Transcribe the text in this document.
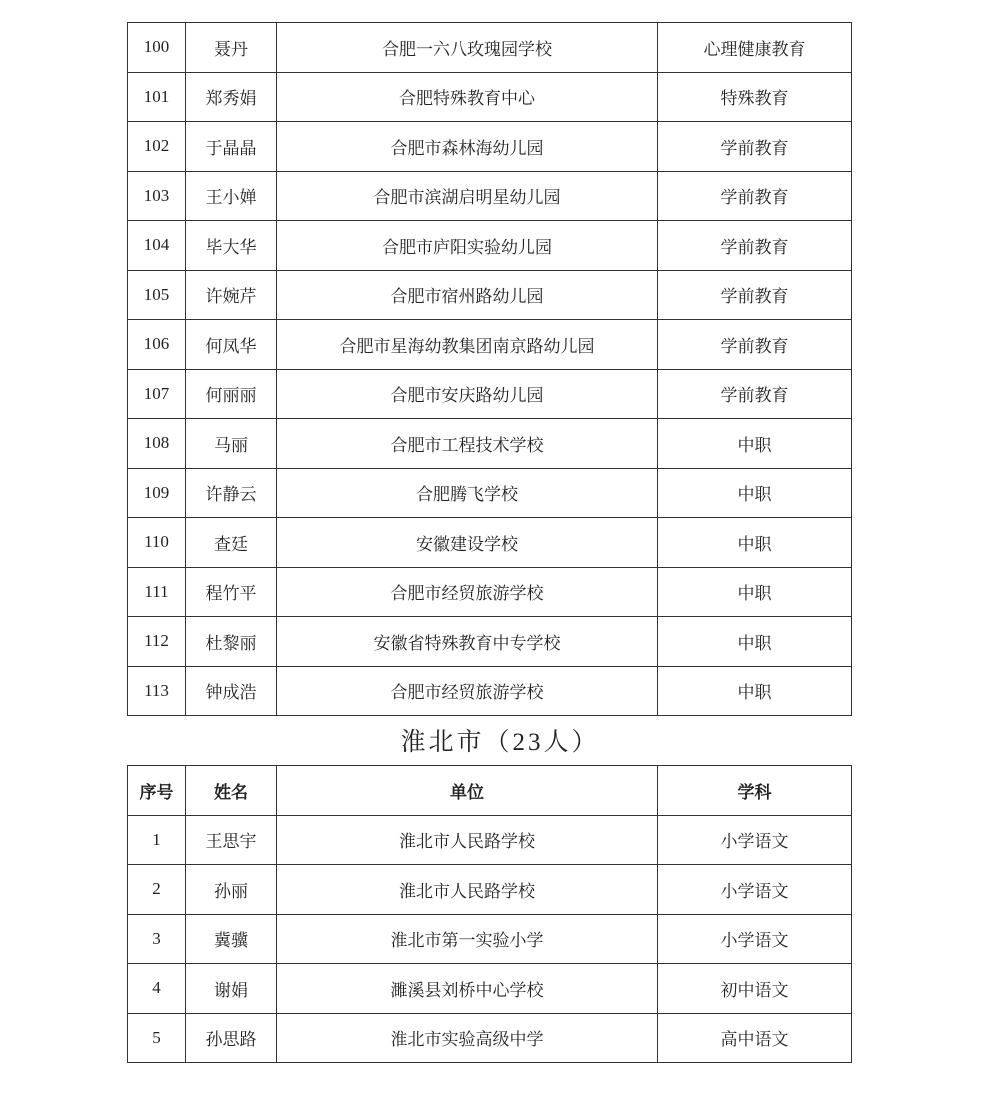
100	聂丹	合肥一六八玫瑰园学校	心理健康教育
101	郑秀娟	合肥特殊教育中心	特殊教育
102	于晶晶	合肥市森林海幼儿园	学前教育
103	王小婵	合肥市滨湖启明星幼儿园	学前教育
104	毕大华	合肥市庐阳实验幼儿园	学前教育
105	许婉芹	合肥市宿州路幼儿园	学前教育
106	何凤华	合肥市星海幼教集团南京路幼儿园	学前教育
107	何丽丽	合肥市安庆路幼儿园	学前教育
108	马丽	合肥市工程技术学校	中职
109	许静云	合肥腾飞学校	中职
110	查廷	安徽建设学校	中职
111	程竹平	合肥市经贸旅游学校	中职
112	杜黎丽	安徽省特殊教育中专学校	中职
113	钟成浩	合肥市经贸旅游学校	中职
淮北市（23人）
序号	姓名	单位	学科
1	王思宇	淮北市人民路学校	小学语文
2	孙丽	淮北市人民路学校	小学语文
3	冀骥	淮北市第一实验小学	小学语文
4	谢娟	濉溪县刘桥中心学校	初中语文
5	孙思路	淮北市实验高级中学	高中语文
